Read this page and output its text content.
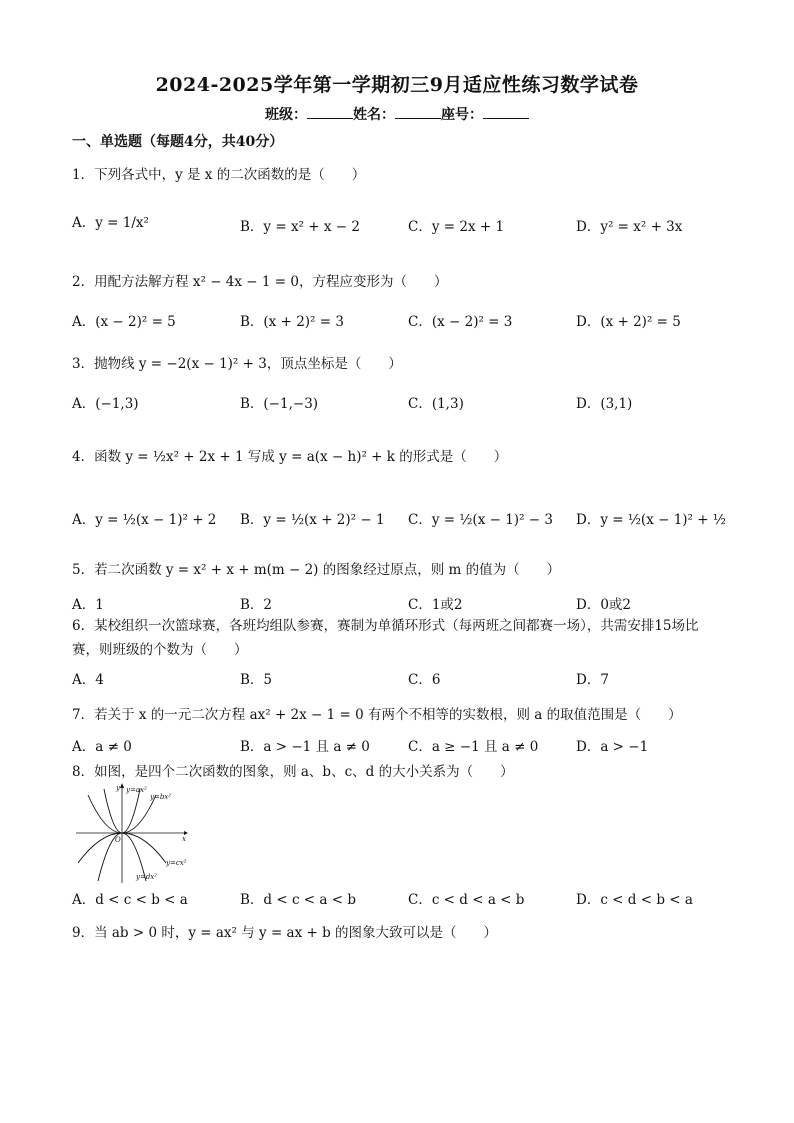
2024-2025学年第一学期初三9月适应性练习数学试卷
班级：	姓名：	座号：
一、单选题（每题4分，共40分）
1．下列各式中，y 是 x 的二次函数的是（　　）
A．y = 1/x²	B．y = x² + x − 2	C．y = 2x + 1	D．y² = x² + 3x
2．用配方法解方程 x² − 4x − 1 = 0，方程应变形为（　　）
A．(x − 2)² = 5	B．(x + 2)² = 3	C．(x − 2)² = 3	D．(x + 2)² = 5
3．抛物线 y = −2(x − 1)² + 3，顶点坐标是（　　）
A．(−1,3)	B．(−1,−3)	C．(1,3)	D．(3,1)
4．函数 y = ½x² + 2x + 1 写成 y = a(x − h)² + k 的形式是（　　）
A．y = ½(x − 1)² + 2 B．y = ½(x + 2)² − 1 C．y = ½(x − 1)² − 3 D．y = ½(x − 1)² + ½
5．若二次函数 y = x² + x + m(m − 2) 的图象经过原点，则 m 的值为（　　）
A．1	B．2	C．1或2	D．0或2
6．某校组织一次篮球赛，各班均组队参赛，赛制为单循环形式（每两班之间都赛一场），共需安排15场比赛，则班级的个数为（　　）
A．4	B．5	C．6	D．7
7．若关于 x 的一元二次方程 ax² + 2x − 1 = 0 有两个不相等的实数根，则 a 的取值范围是（　　）
A．a ≠ 0	B．a > −1 且 a ≠ 0	C．a ≥ −1 且 a ≠ 0	D．a > −1
8．如图，是四个二次函数的图象，则 a、b、c、d 的大小关系为（　　）
y=ax²
y=bx²
y=cx²
y=dx²
y
x
O
A．d < c < b < a	B．d < c < a < b	C．c < d < a < b	D．c < d < b < a
9．当 ab > 0 时，y = ax² 与 y = ax + b 的图象大致可以是（　　）
